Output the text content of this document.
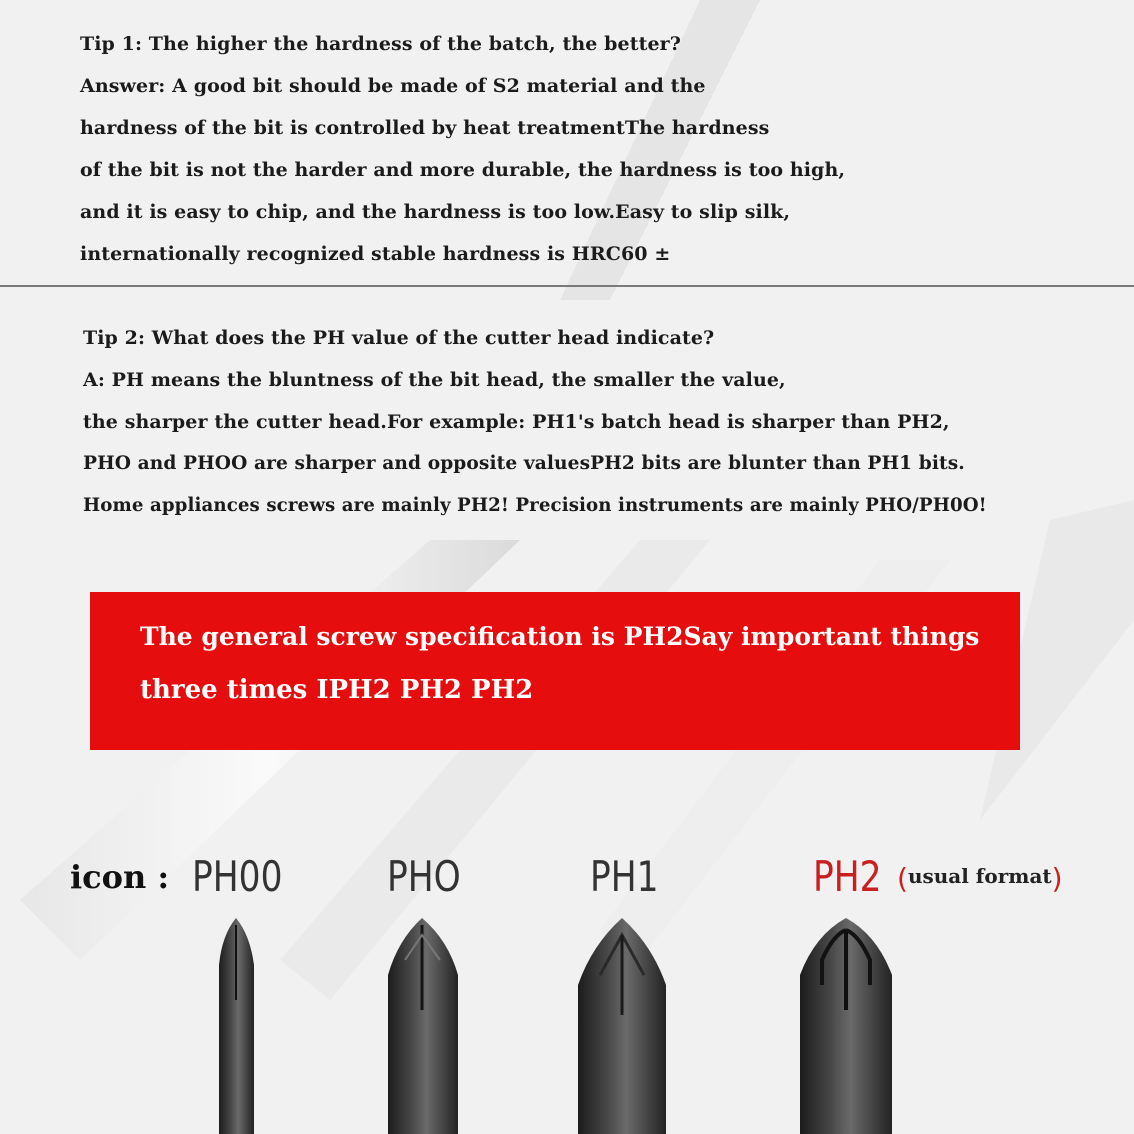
Tip 1: The higher the hardness of the batch, the better?
Answer: A good bit should be made of S2 material and the
hardness of the bit is controlled by heat treatmentThe hardness
of the bit is not the harder and more durable, the hardness is too high,
and it is easy to chip, and the hardness is too low.Easy to slip silk,
internationally recognized stable hardness is HRC60 ±
Tip 2: What does the PH value of the cutter head indicate?
A: PH means the bluntness of the bit head, the smaller the value,
the sharper the cutter head.For example: PH1's batch head is sharper than PH2,
PHO and PHOO are sharper and opposite valuesPH2 bits are blunter than PH1 bits.
Home appliances screws are mainly PH2! Precision instruments are mainly PHO/PH0O!
The general screw specification is PH2Say important things
three times IPH2 PH2 PH2
icon : PH00 PHO	PH1	PH2 (usual format)
